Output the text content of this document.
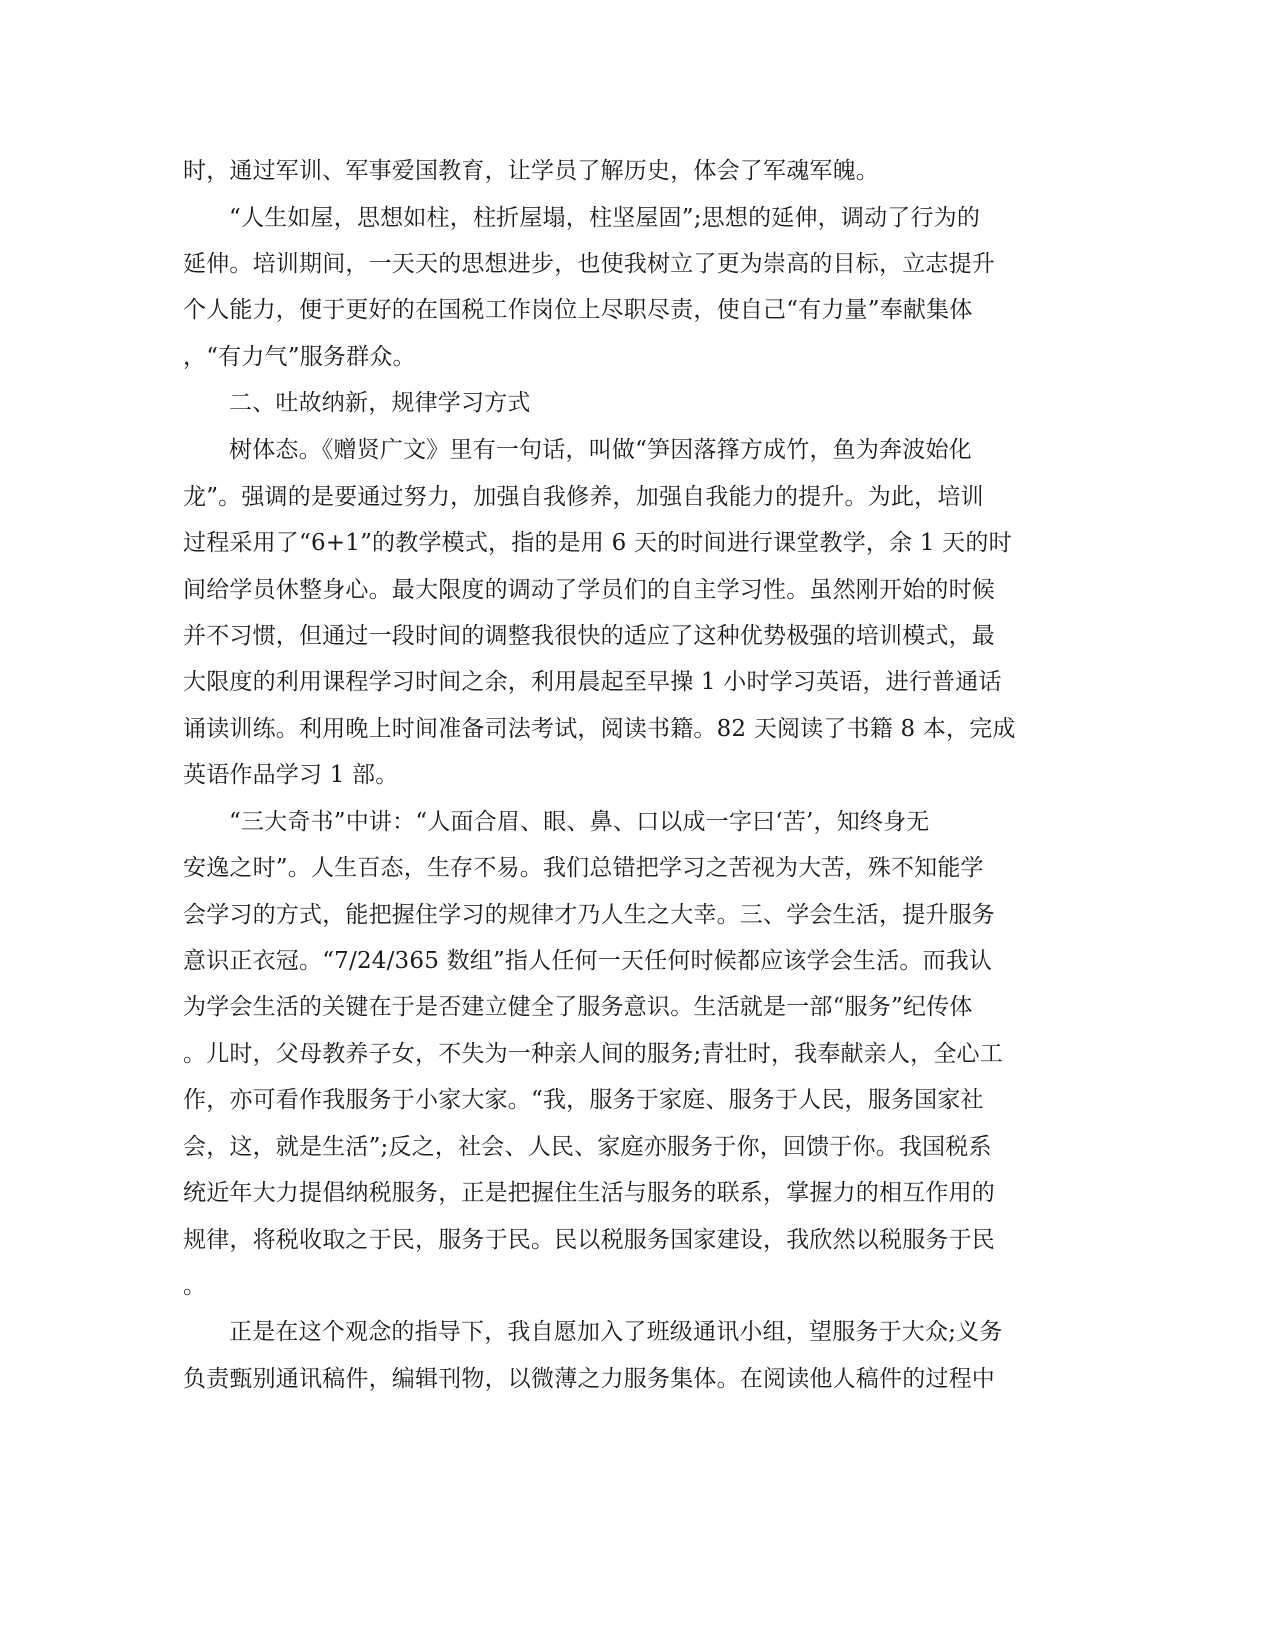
时，通过军训、军事爱国教育，让学员了解历史，体会了军魂军魄。
“人生如屋，思想如柱，柱折屋塌，柱坚屋固”;思想的延伸，调动了行为的
延伸。培训期间，一天天的思想进步，也使我树立了更为崇高的目标，立志提升
个人能力，便于更好的在国税工作岗位上尽职尽责，使自己“有力量”奉献集体
，“有力气”服务群众。
二、吐故纳新，规律学习方式
树体态。《赠贤广文》里有一句话，叫做“笋因落箨方成竹，鱼为奔波始化
龙”。强调的是要通过努力，加强自我修养，加强自我能力的提升。为此，培训
过程采用了“6+1”的教学模式，指的是用 6 天的时间进行课堂教学，余 1 天的时
间给学员休整身心。最大限度的调动了学员们的自主学习性。虽然刚开始的时候
并不习惯，但通过一段时间的调整我很快的适应了这种优势极强的培训模式，最
大限度的利用课程学习时间之余，利用晨起至早操 1 小时学习英语，进行普通话
诵读训练。利用晚上时间准备司法考试，阅读书籍。82 天阅读了书籍 8 本，完成
英语作品学习 1 部。
“三大奇书”中讲：“人面合眉、眼、鼻、口以成一字曰‘苦’，知终身无
安逸之时”。人生百态，生存不易。我们总错把学习之苦视为大苦，殊不知能学
会学习的方式，能把握住学习的规律才乃人生之大幸。三、学会生活，提升服务
意识正衣冠。“7/24/365 数组”指人任何一天任何时候都应该学会生活。而我认
为学会生活的关键在于是否建立健全了服务意识。生活就是一部“服务”纪传体
。儿时，父母教养子女，不失为一种亲人间的服务;青壮时，我奉献亲人，全心工
作，亦可看作我服务于小家大家。“我，服务于家庭、服务于人民，服务国家社
会，这，就是生活”;反之，社会、人民、家庭亦服务于你，回馈于你。我国税系
统近年大力提倡纳税服务，正是把握住生活与服务的联系，掌握力的相互作用的
规律，将税收取之于民，服务于民。民以税服务国家建设，我欣然以税服务于民
。
正是在这个观念的指导下，我自愿加入了班级通讯小组，望服务于大众;义务
负责甄别通讯稿件，编辑刊物，以微薄之力服务集体。在阅读他人稿件的过程中
